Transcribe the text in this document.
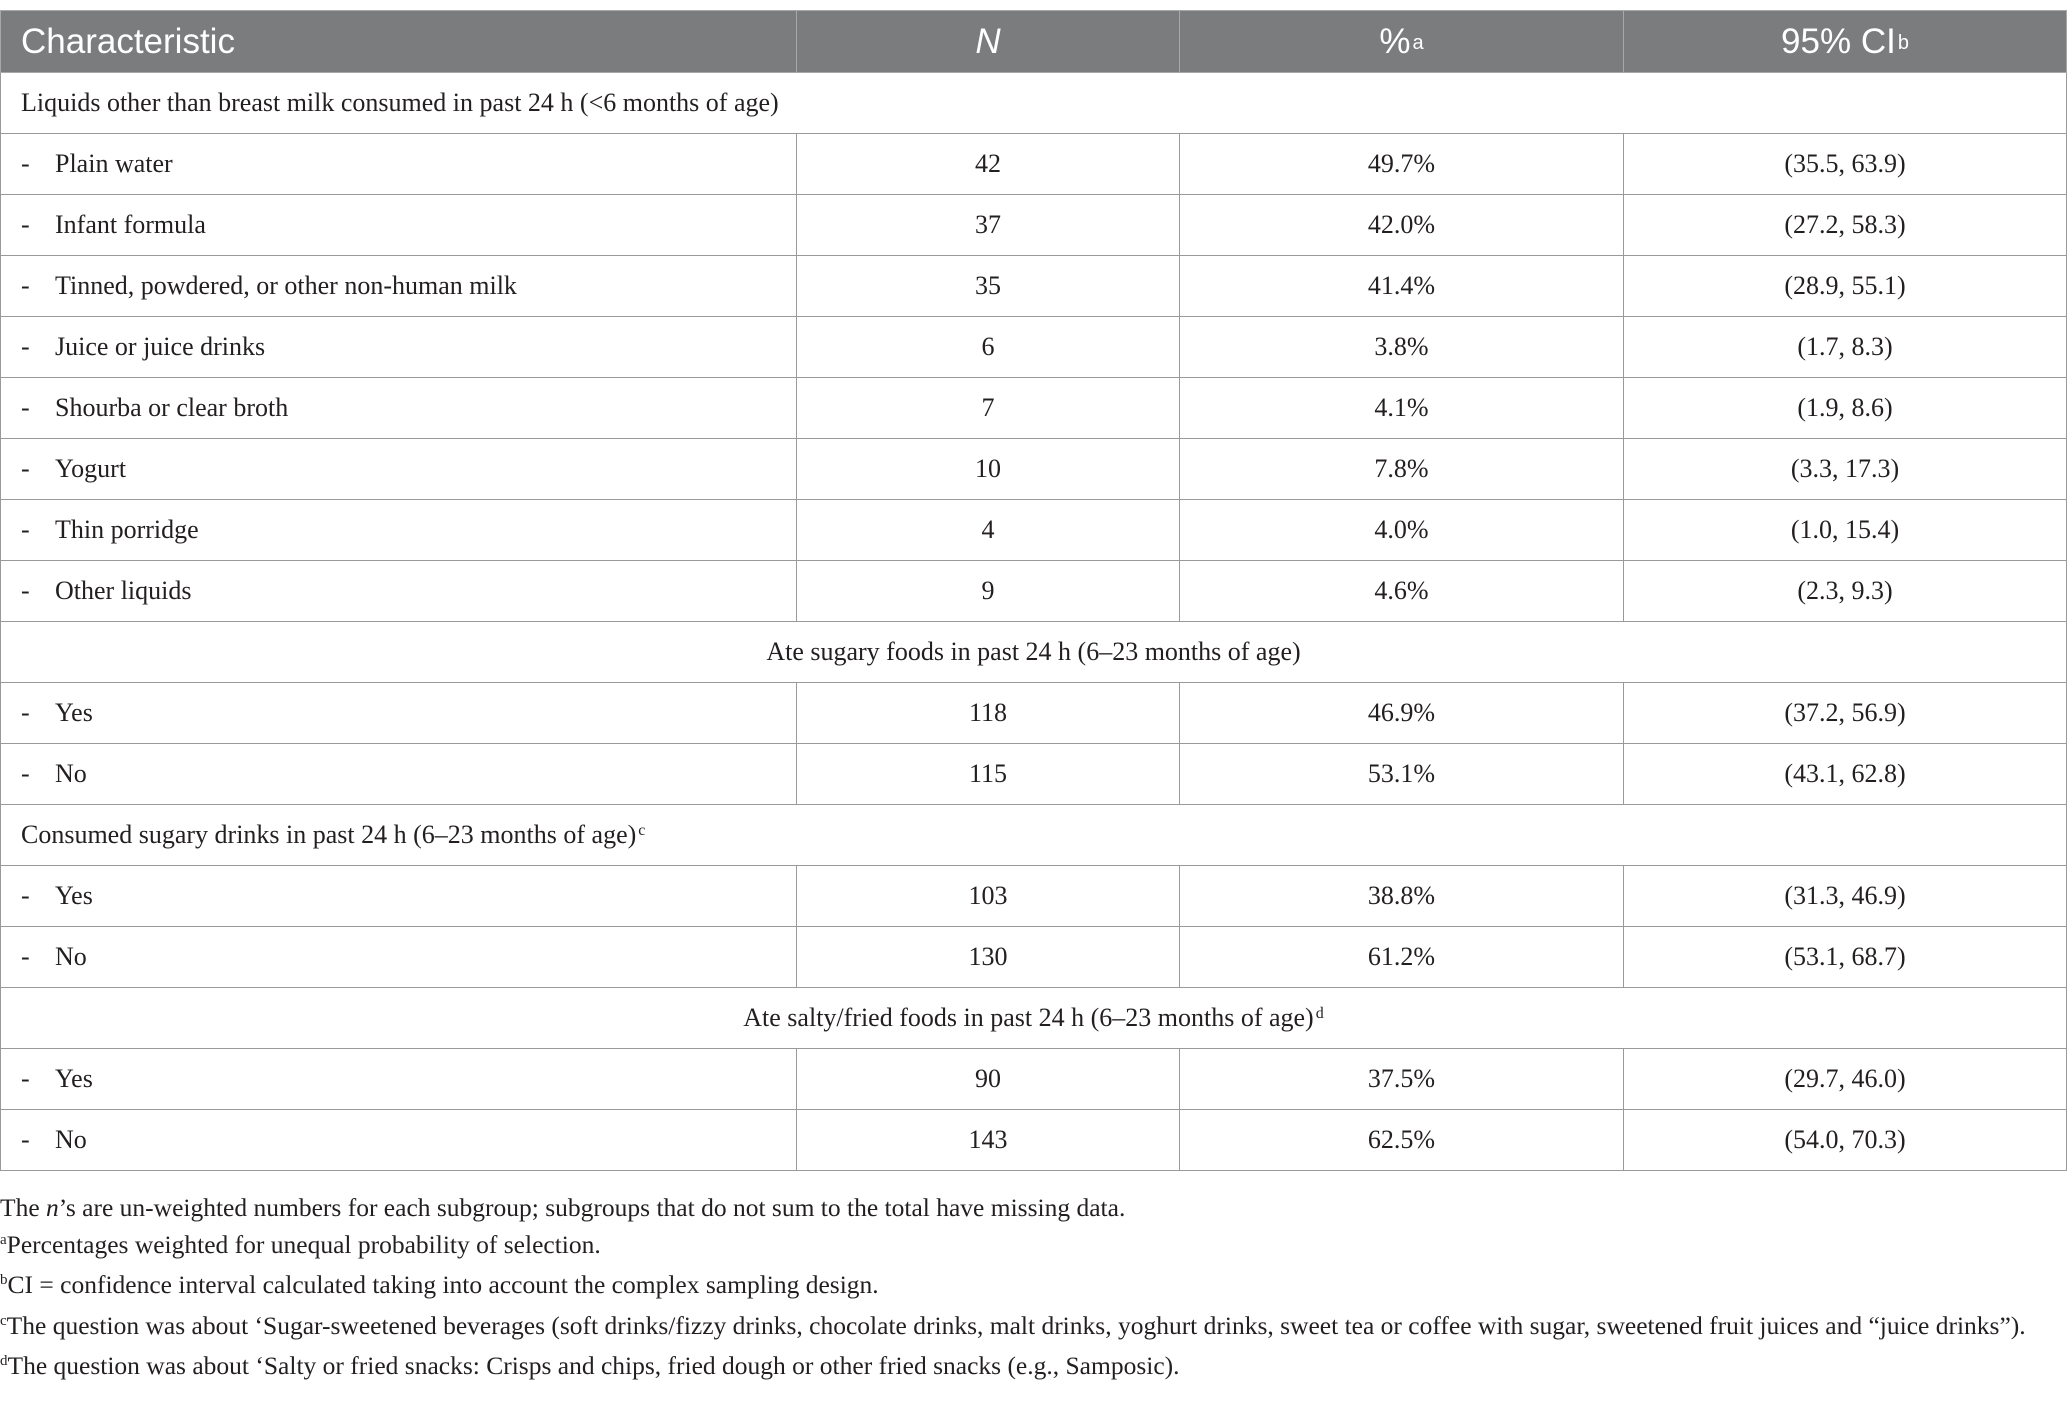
Characteristic	N	% $^a$	95% CI $^b$
Liquids other than breast milk consumed in past 24 h (<6 months of age)			
- Plain water	42	49.7%	(35.5, 63.9)
- Infant formula	37	42.0%	(27.2, 58.3)
- Tinned, powdered, or other non-human milk	35	41.4%	(28.9, 55.1)
- Juice or juice drinks	6	3.8%	(1.7, 8.3)
- Shourba or clear broth	7	4.1%	(1.9, 8.6)
- Yogurt	10	7.8%	(3.3, 17.3)
- Thin porridge	4	4.0%	(1.0, 15.4)
- Other liquids	9	4.6%	(2.3, 9.3)
Ate sugary foods in past 24 h (6–23 months of age)			
- Yes	118	46.9%	(37.2, 56.9)
- No	115	53.1%	(43.1, 62.8)
Consumed sugary drinks in past 24 h (6–23 months of age) $^c$
- Yes	103	38.8%	(31.3, 46.9)
- No	130	61.2%	(53.1, 68.7)
Ate salty/fried foods in past 24 h (6–23 months of age) $^d$
- Yes	90	37.5%	(29.7, 46.0)
- No	143	62.5%	(54.0, 70.3)

The n’s are un-weighted numbers for each subgroup; subgroups that do not sum to the total have missing data.

$^a$Percentages weighted for unequal probability of selection.

$^b$CI = confidence interval calculated taking into account the complex sampling design.

$^c$The question was about ‘Sugar-sweetened beverages (soft drinks/fizzy drinks, chocolate drinks, malt drinks, yoghurt drinks, sweet tea or coffee with sugar, sweetened fruit juices and “juice drinks”).

$^d$The question was about ‘Salty or fried snacks: Crisps and chips, fried dough or other fried snacks (e.g., Samposic).
